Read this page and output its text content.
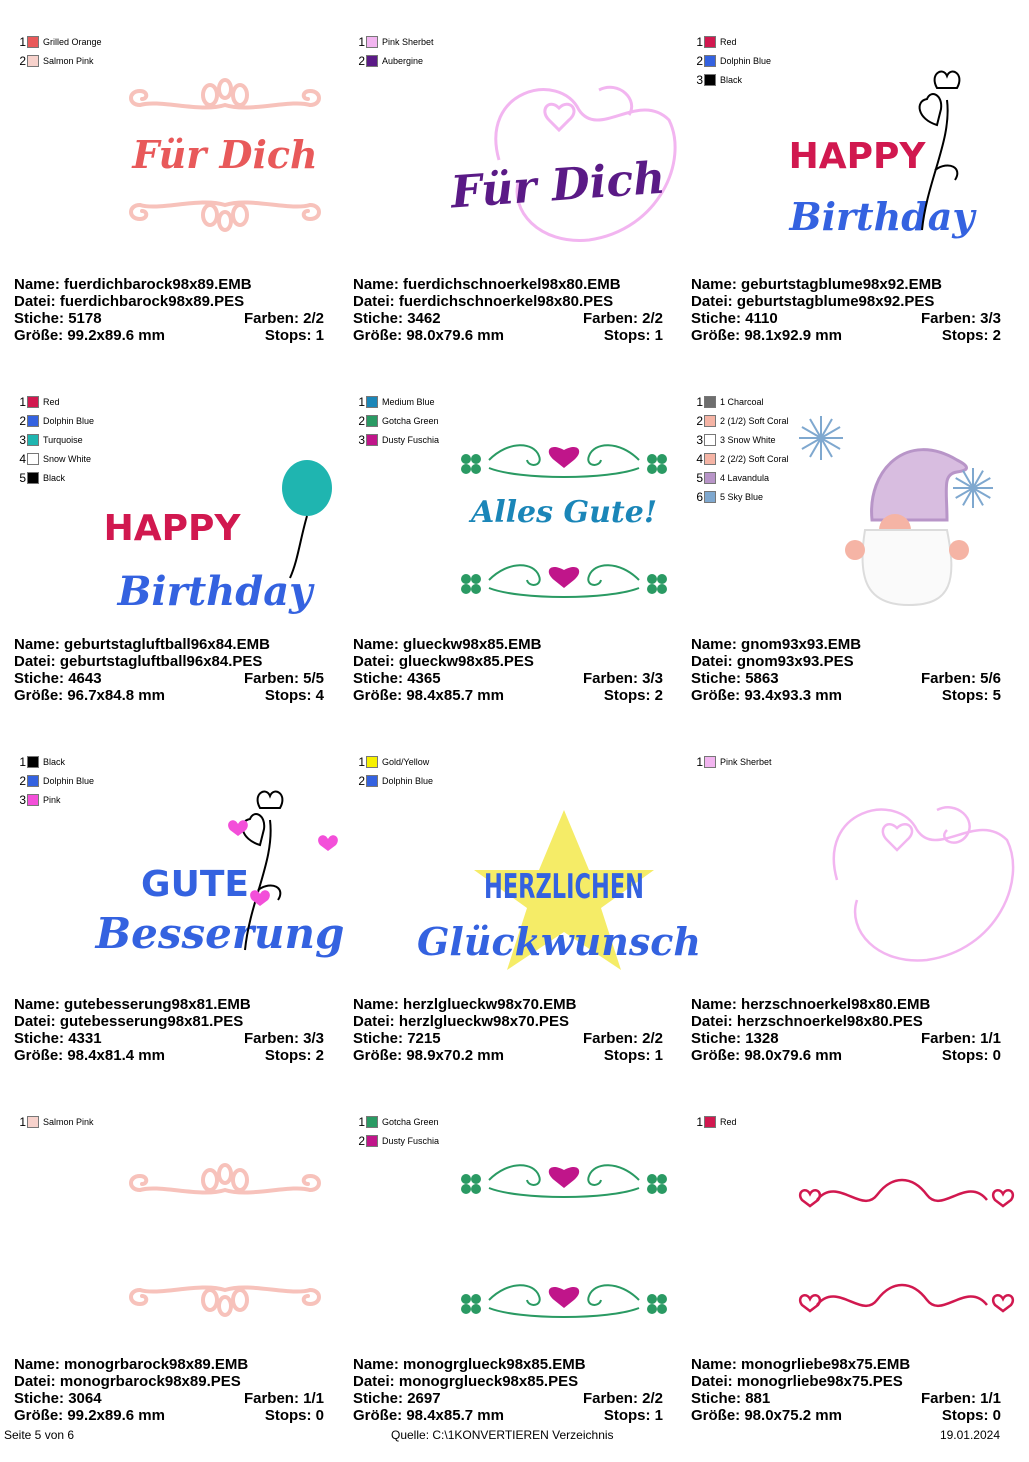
1 Grilled Orange
2 Salmon Pink
Für Dich
Name: fuerdichbarock98x89.EMB
Datei: fuerdichbarock98x89.PES
Stiche: 5178	Farben: 2/2
Größe: 99.2x89.6 mm	Stops: 1
1 Pink Sherbet
2 Aubergine
Für Dich
Name: fuerdichschnoerkel98x80.EMB
Datei: fuerdichschnoerkel98x80.PES
Stiche: 3462	Farben: 2/2
Größe: 98.0x79.6 mm	Stops: 1
1 Red
2 Dolphin Blue
3 Black
HAPPY
Birthday
Name: geburtstagblume98x92.EMB
Datei: geburtstagblume98x92.PES
Stiche: 4110	Farben: 3/3
Größe: 98.1x92.9 mm	Stops: 2
1 Red
2 Dolphin Blue
3 Turquoise
4 Snow White
5 Black
HAPPY
Birthday
Name: geburtstagluftball96x84.EMB
Datei: geburtstagluftball96x84.PES
Stiche: 4643	Farben: 5/5
Größe: 96.7x84.8 mm	Stops: 4
1 Medium Blue
2 Gotcha Green
3 Dusty Fuschia
Alles Gute!
Name: glueckw98x85.EMB
Datei: glueckw98x85.PES
Stiche: 4365	Farben: 3/3
Größe: 98.4x85.7 mm	Stops: 2
1 1 Charcoal
2 2 (1/2) Soft Coral
3 3 Snow White
4 2 (2/2) Soft Coral
5 4 Lavandula
6 5 Sky Blue
Name: gnom93x93.EMB
Datei: gnom93x93.PES
Stiche: 5863	Farben: 5/6
Größe: 93.4x93.3 mm	Stops: 5
1 Black
2 Dolphin Blue
3 Pink
GUTE
Besserung
Name: gutebesserung98x81.EMB
Datei: gutebesserung98x81.PES
Stiche: 4331	Farben: 3/3
Größe: 98.4x81.4 mm	Stops: 2
1 Gold/Yellow
2 Dolphin Blue
HERZLICHEN
Glückwunsch
Name: herzlglueckw98x70.EMB
Datei: herzlglueckw98x70.PES
Stiche: 7215	Farben: 2/2
Größe: 98.9x70.2 mm	Stops: 1
1 Pink Sherbet
Name: herzschnoerkel98x80.EMB
Datei: herzschnoerkel98x80.PES
Stiche: 1328	Farben: 1/1
Größe: 98.0x79.6 mm	Stops: 0
1 Salmon Pink
Name: monogrbarock98x89.EMB
Datei: monogrbarock98x89.PES
Stiche: 3064	Farben: 1/1
Größe: 99.2x89.6 mm	Stops: 0
1 Gotcha Green
2 Dusty Fuschia
Name: monogrglueck98x85.EMB
Datei: monogrglueck98x85.PES
Stiche: 2697	Farben: 2/2
Größe: 98.4x85.7 mm	Stops: 1
1 Red
Name: monogrliebe98x75.EMB
Datei: monogrliebe98x75.PES
Stiche: 881	Farben: 1/1
Größe: 98.0x75.2 mm	Stops: 0
Seite 5 von 6	Quelle: C:\1KONVERTIEREN Verzeichnis	19.01.2024
